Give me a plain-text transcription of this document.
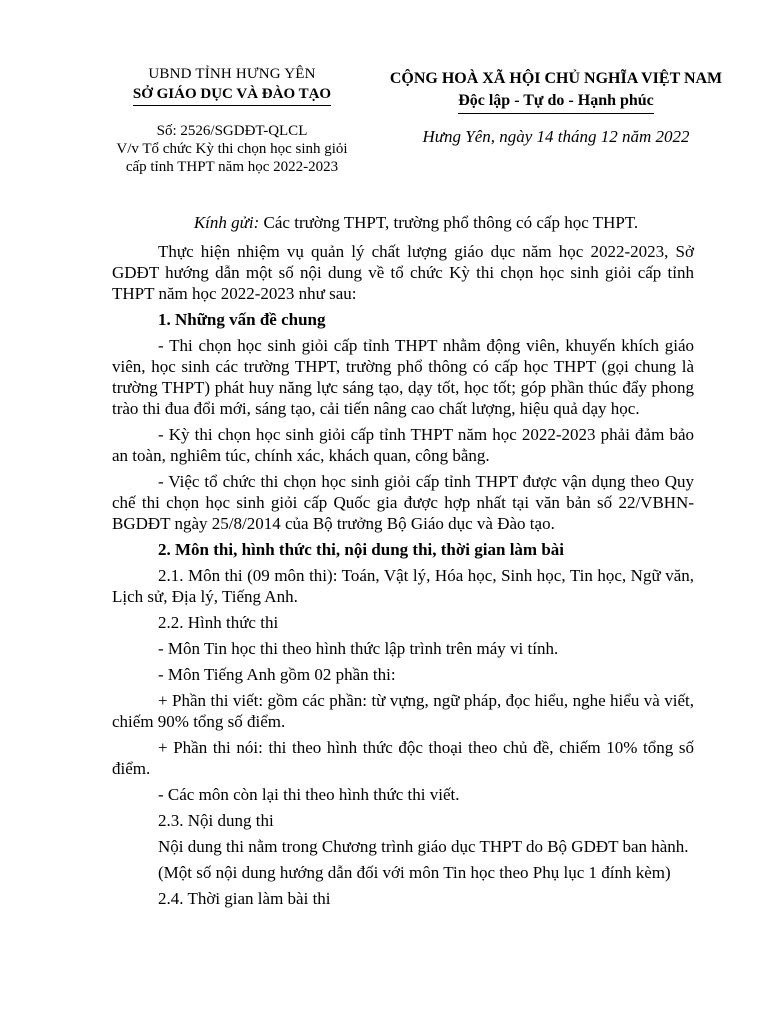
UBND TỈNH HƯNG YÊN
SỞ GIÁO DỤC VÀ ĐÀO TẠO
CỘNG HOÀ XÃ HỘI CHỦ NGHĨA VIỆT NAM
Độc lập - Tự do - Hạnh phúc
Số: 2526/SGDĐT-QLCL
V/v Tổ chức Kỳ thi chọn học sinh giỏi
cấp tỉnh THPT năm học 2022-2023
Hưng Yên, ngày 14 tháng 12 năm 2022
Kính gửi: Các trường THPT, trường phổ thông có cấp học THPT.

Thực hiện nhiệm vụ quản lý chất lượng giáo dục năm học 2022-2023, Sở GDĐT hướng dẫn một số nội dung về tổ chức Kỳ thi chọn học sinh giỏi cấp tỉnh THPT năm học 2022-2023 như sau:

1. Những vấn đề chung

- Thi chọn học sinh giỏi cấp tỉnh THPT nhằm động viên, khuyến khích giáo viên, học sinh các trường THPT, trường phổ thông có cấp học THPT (gọi chung là trường THPT) phát huy năng lực sáng tạo, dạy tốt, học tốt; góp phần thúc đẩy phong trào thi đua đổi mới, sáng tạo, cải tiến nâng cao chất lượng, hiệu quả dạy học.

- Kỳ thi chọn học sinh giỏi cấp tỉnh THPT năm học 2022-2023 phải đảm bảo an toàn, nghiêm túc, chính xác, khách quan, công bằng.

- Việc tổ chức thi chọn học sinh giỏi cấp tỉnh THPT được vận dụng theo Quy chế thi chọn học sinh giỏi cấp Quốc gia được hợp nhất tại văn bản số 22/VBHN-BGDĐT ngày 25/8/2014 của Bộ trưởng Bộ Giáo dục và Đào tạo.

2. Môn thi, hình thức thi, nội dung thi, thời gian làm bài

2.1. Môn thi (09 môn thi): Toán, Vật lý, Hóa học, Sinh học, Tin học, Ngữ văn, Lịch sử, Địa lý, Tiếng Anh.

2.2. Hình thức thi

- Môn Tin học thi theo hình thức lập trình trên máy vi tính.

- Môn Tiếng Anh gồm 02 phần thi:

+ Phần thi viết: gồm các phần: từ vựng, ngữ pháp, đọc hiểu, nghe hiểu và viết, chiếm 90% tổng số điểm.

+ Phần thi nói: thi theo hình thức độc thoại theo chủ đề, chiếm 10% tổng số điểm.

- Các môn còn lại thi theo hình thức thi viết.

2.3. Nội dung thi

Nội dung thi nằm trong Chương trình giáo dục THPT do Bộ GDĐT ban hành.

(Một số nội dung hướng dẫn đối với môn Tin học theo Phụ lục 1 đính kèm)

2.4. Thời gian làm bài thi
